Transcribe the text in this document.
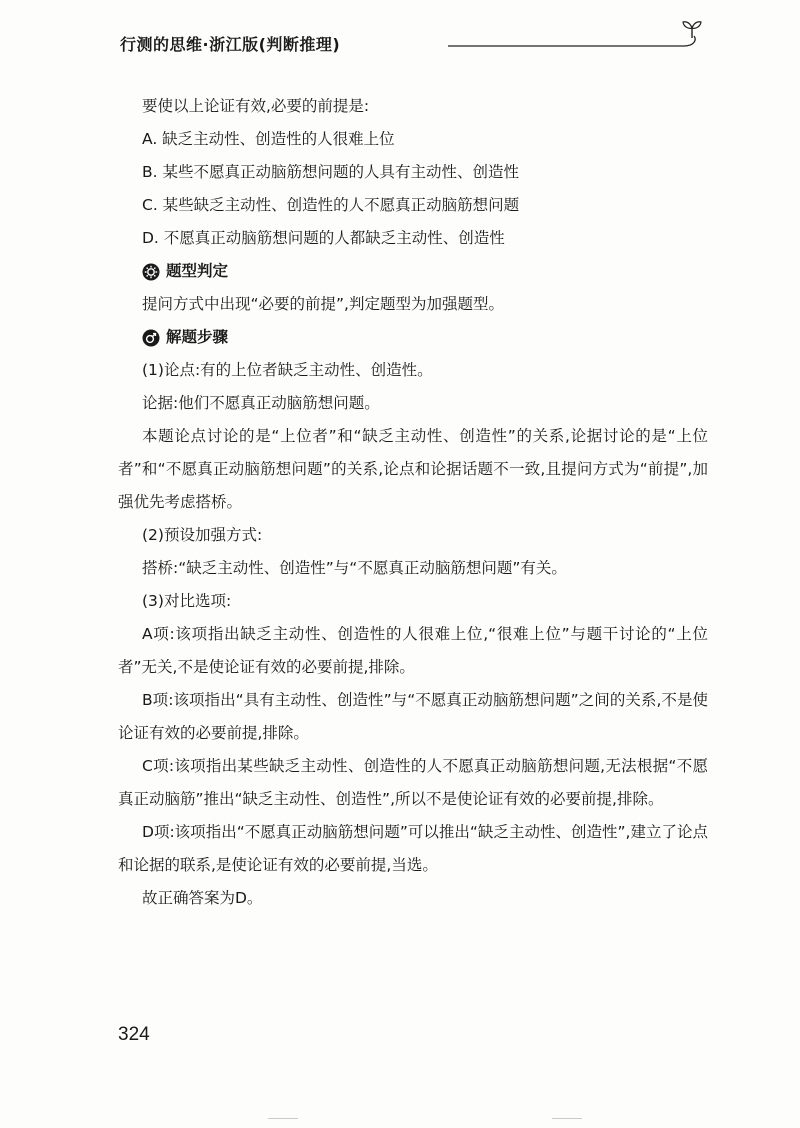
行测的思维·浙江版(判断推理)

要使以上论证有效,必要的前提是:

A. 缺乏主动性、创造性的人很难上位

B. 某些不愿真正动脑筋想问题的人具有主动性、创造性

C. 某些缺乏主动性、创造性的人不愿真正动脑筋想问题

D. 不愿真正动脑筋想问题的人都缺乏主动性、创造性

题型判定

提问方式中出现“必要的前提”,判定题型为加强题型。

解题步骤

(1)论点:有的上位者缺乏主动性、创造性。

论据:他们不愿真正动脑筋想问题。

本题论点讨论的是“上位者”和“缺乏主动性、创造性”的关系,论据讨论的是“上位者”和“不愿真正动脑筋想问题”的关系,论点和论据话题不一致,且提问方式为“前提”,加强优先考虑搭桥。

(2)预设加强方式:

搭桥:“缺乏主动性、创造性”与“不愿真正动脑筋想问题”有关。

(3)对比选项:

A项:该项指出缺乏主动性、创造性的人很难上位,“很难上位”与题干讨论的“上位者”无关,不是使论证有效的必要前提,排除。

B项:该项指出“具有主动性、创造性”与“不愿真正动脑筋想问题”之间的关系,不是使论证有效的必要前提,排除。

C项:该项指出某些缺乏主动性、创造性的人不愿真正动脑筋想问题,无法根据“不愿真正动脑筋”推出“缺乏主动性、创造性”,所以不是使论证有效的必要前提,排除。

D项:该项指出“不愿真正动脑筋想问题”可以推出“缺乏主动性、创造性”,建立了论点和论据的联系,是使论证有效的必要前提,当选。

故正确答案为D。

324
